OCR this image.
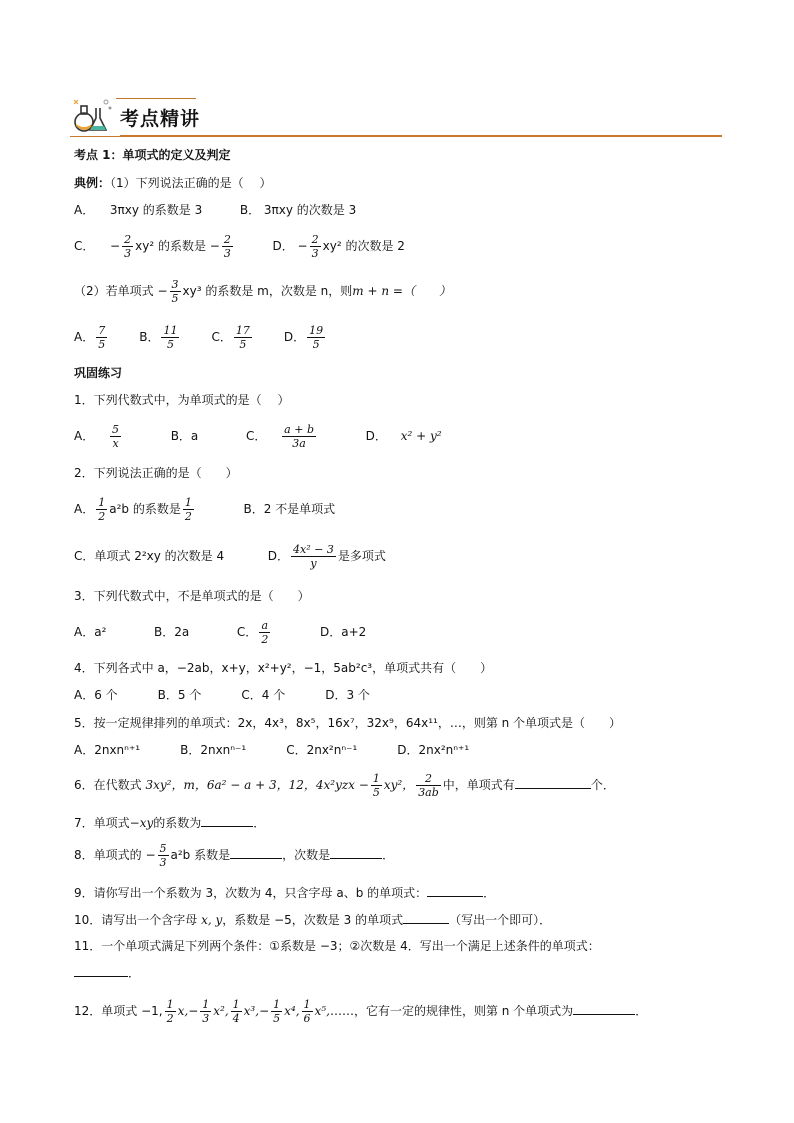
考点精讲
考点 1：单项式的定义及判定
典例：（1）下列说法正确的是（　 ）
A． 3πxy 的系数是 3	B． 3πxy 的次数是 3
C． − $\frac{2}{3} xy^2$ 的系数是 − $\frac{2}{3}$	D． − $\frac{2}{3} xy^2$ 的次数是 2
（2）若单项式 − $\frac{3}{5} xy^3$ 的系数是 m，次数是 n，则m + n =（　　）
A． $\frac{7}{5}$	B． $\frac{11}{5}$	C． $\frac{17}{5}$	D． $\frac{19}{5}$
巩固练习
1．下列代数式中，为单项式的是（　 ）
A． $\frac{5}{x}$	B．a	C． $\frac{a + b}{3a}$	D． x² + y²
2．下列说法正确的是（　　）
A． $\frac{1}{2} a^2b$ 的系数是 $\frac{1}{2}$	B．2 不是单项式
C．单项式 2²xy 的次数是 4	D． $\frac{\text{4x² − 3}}{y}$ 是多项式
3．下列代数式中，不是单项式的是（　　）
A．a²	B．2a	C． $\frac{a}{2}$	D．a+2
4．下列各式中 a，−2ab，x+y，x²+y²，−1，5ab²c³，单项式共有（　　）
A．6 个	B．5 个	C．4 个	D．3 个
5．按一定规律排列的单项式：2x，4x³，8x⁵，16x⁷，32x⁹，64x¹¹，…，则第 n 个单项式是（　　）
A．2nxnⁿ⁺¹	B．2nxnⁿ⁻¹	C．2nx²nⁿ⁻¹	D．2nx²nⁿ⁺¹
6．在代数式 3xy²，m，6a² − a + 3，12，$4x^2yzx - \frac{1}{5} xy^2$， $\frac{2}{3ab}$ 中，单项式有	个．
7．单项式−xy的系数为	．
8．单项式的 − $\frac{5}{3} a^2b$ 系数是	，次数是	．
9．请你写出一个系数为 3，次数为 4，只含字母 a、b 的单项式：	．
10．请写出一个含字母 x, y，系数是 −5，次数是 3 的单项式	（写出一个即可）．
11．一个单项式满足下列两个条件：①系数是 −3；②次数是 4．写出一个满足上述条件的单项式：
．
12．单项式 −1, $\frac{1}{2} x,- \frac{1}{3} x^2$, $\frac{1}{4} x^3,- \frac{1}{5} x^4$, $\frac{1}{6}$ x⁵,……，它有一定的规律性，则第 n 个单项式为	．
